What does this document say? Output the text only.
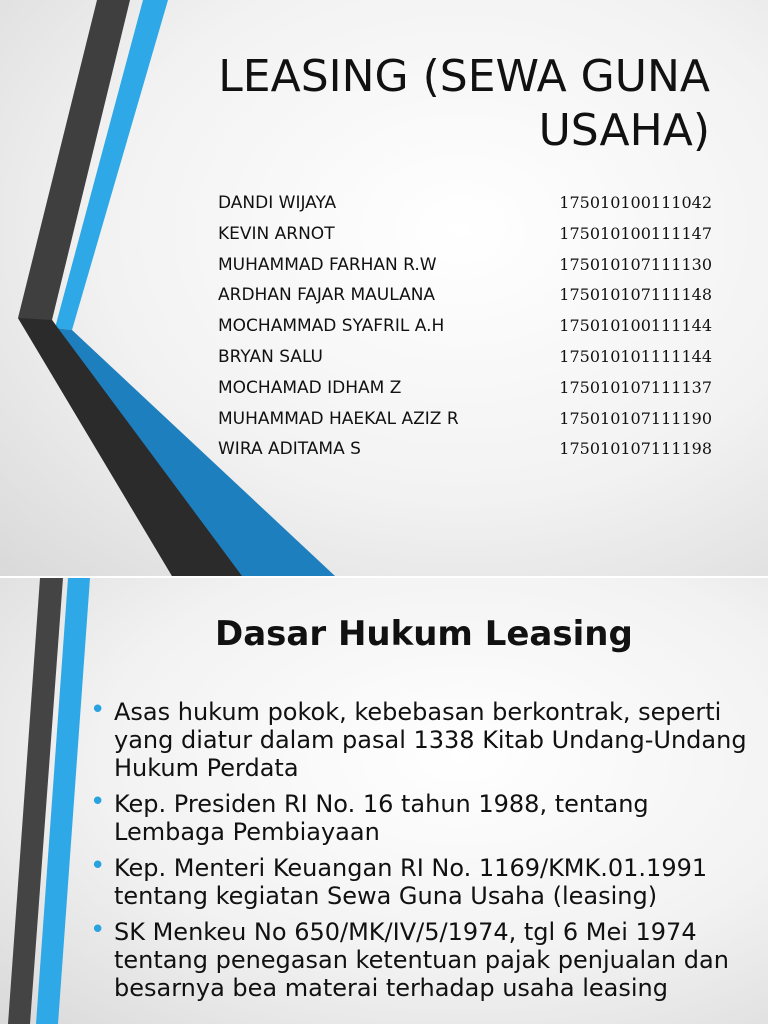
LEASING (SEWA GUNA USAHA)
DANDI WIJAYA	175010100111042
KEVIN ARNOT	175010100111147
MUHAMMAD FARHAN R.W	175010107111130
ARDHAN FAJAR MAULANA	175010107111148
MOCHAMMAD SYAFRIL A.H	175010100111144
BRYAN SALU	175010101111144
MOCHAMAD IDHAM Z	175010107111137
MUHAMMAD HAEKAL AZIZ R	175010107111190
WIRA ADITAMA S	175010107111198
Dasar Hukum Leasing
• Asas hukum pokok, kebebasan berkontrak, seperti yang diatur dalam pasal 1338 Kitab Undang-Undang Hukum Perdata
• Kep. Presiden RI No. 16 tahun 1988, tentang Lembaga Pembiayaan
• Kep. Menteri Keuangan RI No. 1169/KMK.01.1991 tentang kegiatan Sewa Guna Usaha (leasing)
• SK Menkeu No 650/MK/IV/5/1974, tgl 6 Mei 1974 tentang penegasan ketentuan pajak penjualan dan besarnya bea materai terhadap usaha leasing
